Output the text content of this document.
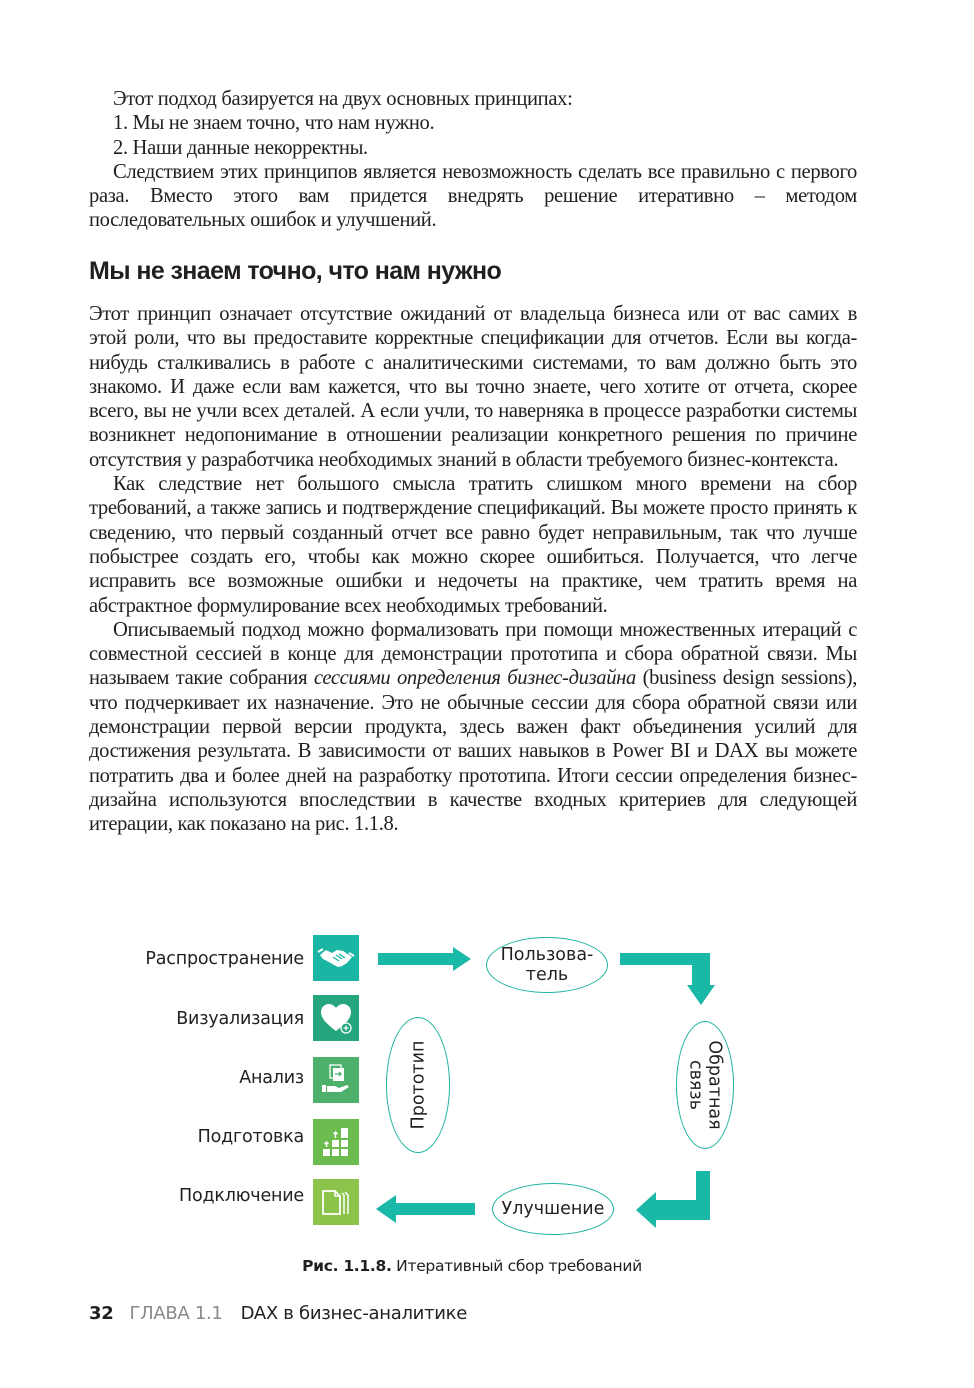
Этот подход базируется на двух основных принципах:

1. Мы не знаем точно, что нам нужно.

2. Наши данные некорректны.

Следствием этих принципов является невозможность сделать все правильно с первого раза. Вместо этого вам придется внедрять решение итеративно – методом последовательных ошибок и улучшений.

Мы не знаем точно, что нам нужно

Этот принцип означает отсутствие ожиданий от владельца бизнеса или от вас самих в этой роли, что вы предоставите корректные спецификации для отчетов. Если вы когда-нибудь сталкивались в работе с аналитическими системами, то вам должно быть это знакомо. И даже если вам кажется, что вы точно знаете, чего хотите от отчета, скорее всего, вы не учли всех деталей. А если учли, то наверняка в процессе разработки системы возникнет недопонимание в отношении реализации конкретного решения по причине отсутствия у разработчика необходимых знаний в области требуемого бизнес-контекста.

Как следствие нет большого смысла тратить слишком много времени на сбор требований, а также запись и подтверждение спецификаций. Вы можете просто принять к сведению, что первый созданный отчет все равно будет неправильным, так что лучше побыстрее создать его, чтобы как можно скорее ошибиться. Получается, что легче исправить все возможные ошибки и недочеты на практике, чем тратить время на абстрактное формулирование всех необходимых требований.

Описываемый подход можно формализовать при помощи множественных итераций с совместной сессией в конце для демонстрации прототипа и сбора обратной связи. Мы называем такие собрания сессиями определения бизнес-дизайна (business design sessions), что подчеркивает их назначение. Это не обычные сессии для сбора обратной связи или демонстрации первой версии продукта, здесь важен факт объединения усилий для достижения результата. В зависимости от ваших навыков в Power BI и DAX вы можете потратить два и более дней на разработку прототипа. Итоги сессии определения бизнес-дизайна используются впоследствии в качестве входных критериев для следующей итерации, как показано на рис. 1.1.8.

Распространение
Визуализация
Анализ
Подготовка
Подключение
Пользова-
тель
Прототип	Обратная
связь
Улучшение
Рис. 1.1.8. Итеративный сбор требований
32 ГЛАВА 1.1 DAX в бизнес-аналитике
